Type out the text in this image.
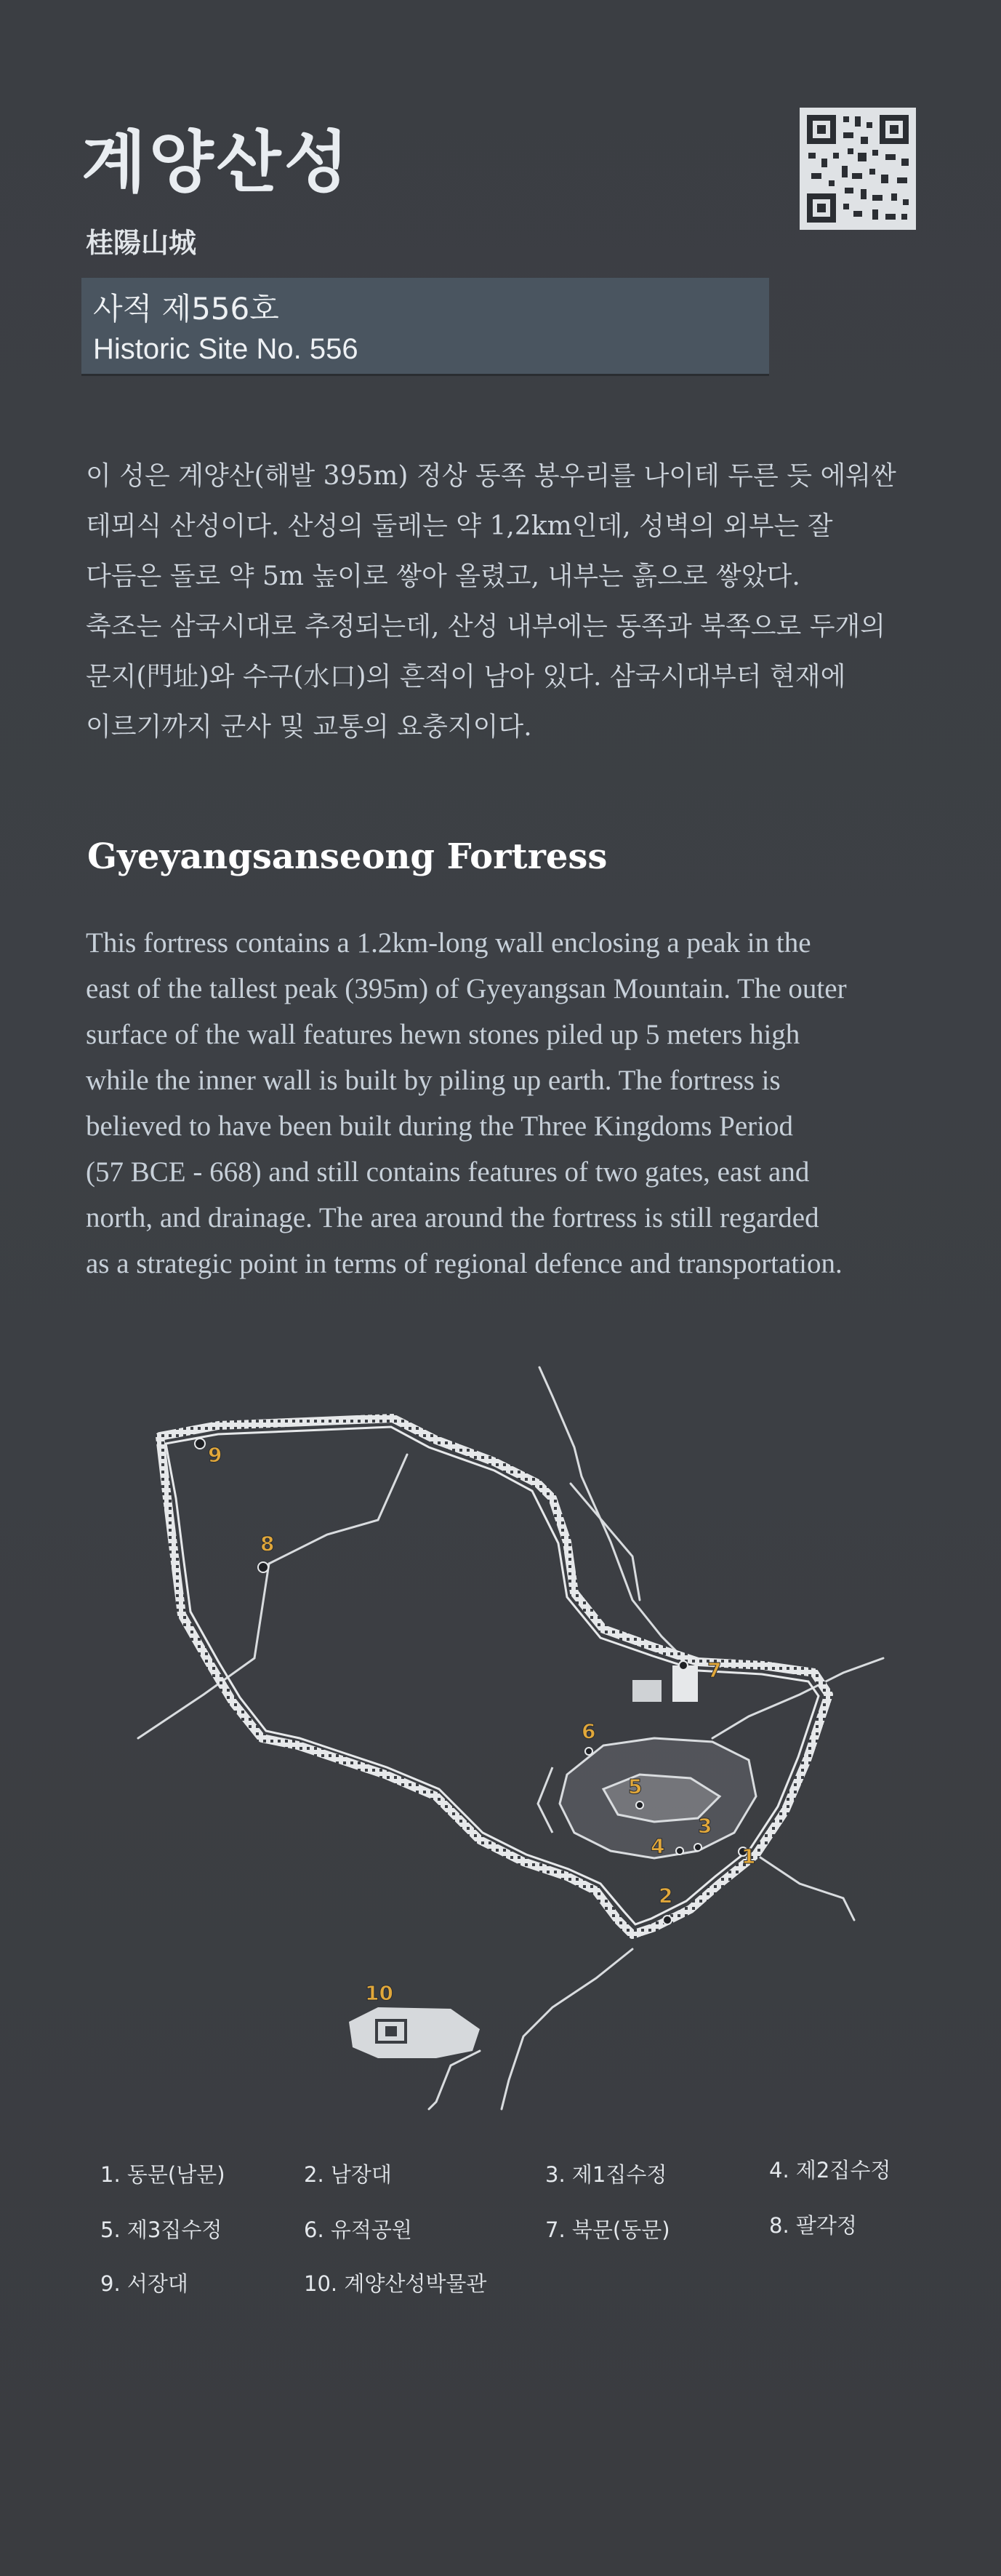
계양산성
桂陽山城
사적 제556호
Historic Site No. 556
이 성은 계양산(해발 395m) 정상 동쪽 봉우리를 나이테 두른 듯 에워싼
테뫼식 산성이다. 산성의 둘레는 약 1,2km인데, 성벽의 외부는 잘
다듬은 돌로 약 5m 높이로 쌓아 올렸고, 내부는 흙으로 쌓았다.
축조는 삼국시대로 추정되는데, 산성 내부에는 동쪽과 북쪽으로 두개의
문지(門址)와 수구(水口)의 흔적이 남아 있다. 삼국시대부터 현재에
이르기까지 군사 및 교통의 요충지이다.
Gyeyangsanseong Fortress
This fortress contains a 1.2km-long wall enclosing a peak in the
east of the tallest peak (395m) of Gyeyangsan Mountain. The outer
surface of the wall features hewn stones piled up 5 meters high
while the inner wall is built by piling up earth. The fortress is
believed to have been built during the Three Kingdoms Period
(57 BCE - 668) and still contains features of two gates, east and
north, and drainage. The area around the fortress is still regarded
as a strategic point in terms of regional defence and transportation.
1
2
3
4
5
6
7
8
9
10
1. 동문(남문)	2. 남장대	3. 제1집수정	4. 제2집수정
5. 제3집수정	6. 유적공원	7. 북문(동문)	8. 팔각정
9. 서장대	10. 계양산성박물관
